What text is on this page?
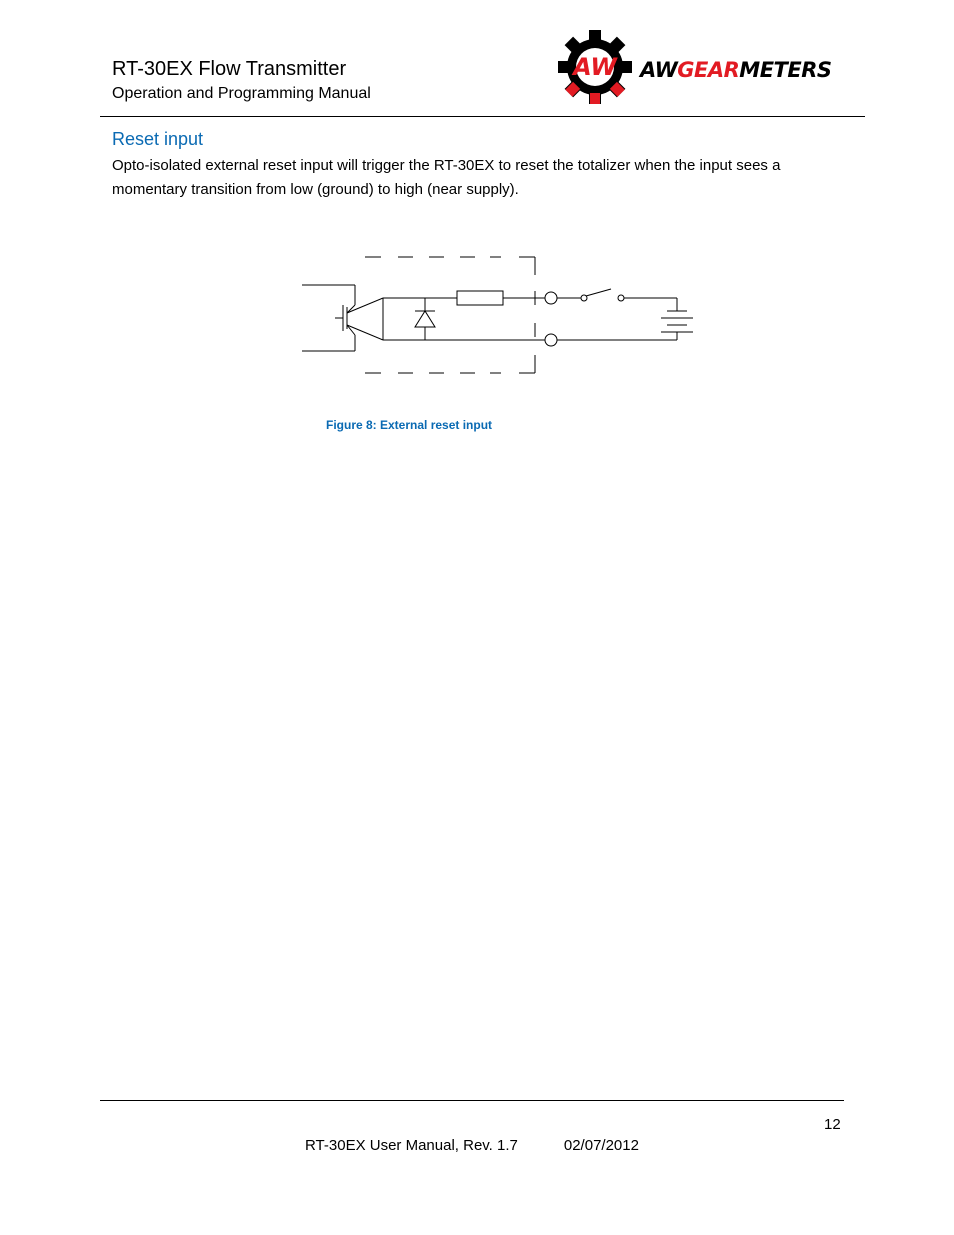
RT-30EX Flow Transmitter
Operation and Programming Manual
AW AWGEARMETERS
Reset input
Opto-isolated external reset input will trigger the RT-30EX to reset the totalizer when the input sees a momentary transition from low (ground) to high (near supply).
Figure 8: External reset input
12
RT-30EX User Manual, Rev. 1.7	02/07/2012
